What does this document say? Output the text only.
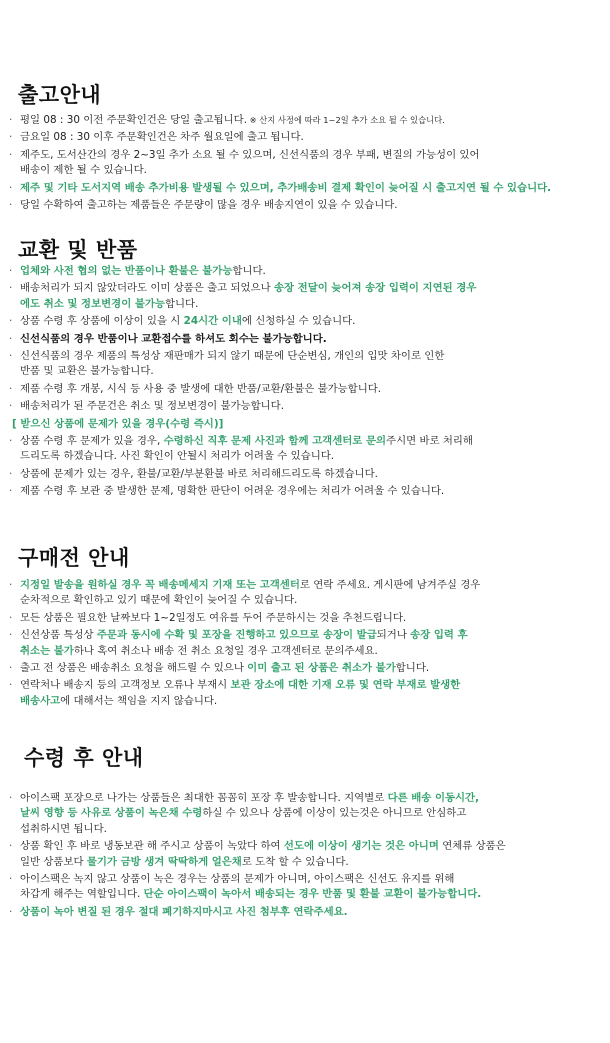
출고안내
· 평일 08 : 30 이전 주문확인건은 당일 출고됩니다. ※ 산지 사정에 따라 1~2일 추가 소요 될 수 있습니다.
· 금요일 08 : 30 이후 주문확인건은 차주 월요일에 출고 됩니다.
· 제주도, 도서산간의 경우 2~3일 추가 소요 될 수 있으며, 신선식품의 경우 부패, 변질의 가능성이 있어
배송이 제한 될 수 있습니다.
· 제주 및 기타 도서지역 배송 추가비용 발생될 수 있으며, 추가배송비 결제 확인이 늦어질 시 출고지연 될 수 있습니다.
· 당일 수확하여 출고하는 제품들은 주문량이 많을 경우 배송지연이 있을 수 있습니다.
교환 및 반품
· 업체와 사전 협의 없는 반품이나 환불은 불가능합니다.
· 배송처리가 되지 않았더라도 이미 상품은 출고 되었으나 송장 전달이 늦어져 송장 입력이 지연된 경우
에도 취소 및 정보변경이 불가능합니다.
· 상품 수령 후 상품에 이상이 있을 시 24시간 이내에 신청하실 수 있습니다.
· 신선식품의 경우 반품이나 교환접수를 하셔도 회수는 불가능합니다.
· 신선식품의 경우 제품의 특성상 재판매가 되지 않기 때문에 단순변심, 개인의 입맛 차이로 인한
반품 및 교환은 불가능합니다.
· 제품 수령 후 개봉, 시식 등 사용 중 발생에 대한 반품/교환/환불은 불가능합니다.
· 배송처리가 된 주문건은 취소 및 정보변경이 불가능합니다.
[ 받으신 상품에 문제가 있을 경우(수령 즉시)]
· 상품 수령 후 문제가 있을 경우, 수령하신 직후 문제 사진과 함께 고객센터로 문의주시면 바로 처리해
드리도록 하겠습니다. 사진 확인이 안될시 처리가 어려울 수 있습니다.
· 상품에 문제가 있는 경우, 환불/교환/부분환불 바로 처리해드리도록 하겠습니다.
· 제품 수령 후 보관 중 발생한 문제, 명확한 판단이 어려운 경우에는 처리가 어려울 수 있습니다.
구매전 안내
· 지정일 발송을 원하실 경우 꼭 배송메세지 기재 또는 고객센터로 연락 주세요. 게시판에 남겨주실 경우
순차적으로 확인하고 있기 때문에 확인이 늦어질 수 있습니다.
· 모든 상품은 필요한 날짜보다 1~2일정도 여유를 두어 주문하시는 것을 추천드립니다.
· 신선상품 특성상 주문과 동시에 수확 및 포장을 진행하고 있으므로 송장이 발급되거나 송장 입력 후
취소는 불가하나 혹여 취소나 배송 전 취소 요청일 경우 고객센터로 문의주세요.
· 출고 전 상품은 배송취소 요청을 해드릴 수 있으나 이미 출고 된 상품은 취소가 불가합니다.
· 연락처나 배송지 등의 고객정보 오류나 부재시 보관 장소에 대한 기재 오류 및 연락 부재로 발생한
배송사고에 대해서는 책임을 지지 않습니다.
수령 후 안내
· 아이스팩 포장으로 나가는 상품들은 최대한 꼼꼼히 포장 후 발송합니다. 지역별로 다른 배송 이동시간,
날씨 영향 등 사유로 상품이 녹은채 수령하실 수 있으나 상품에 이상이 있는것은 아니므로 안심하고
섭취하시면 됩니다.
· 상품 확인 후 바로 냉동보관 해 주시고 상품이 녹았다 하여 선도에 이상이 생기는 것은 아니며 연체류 상품은
일반 상품보다 물기가 금방 생겨 딱딱하게 얼은채로 도착 할 수 있습니다.
· 아이스팩은 녹지 않고 상품이 녹은 경우는 상품의 문제가 아니며, 아이스팩은 신선도 유지를 위해
차갑게 해주는 역할입니다. 단순 아이스팩이 녹아서 배송되는 경우 반품 및 환불 교환이 불가능합니다.
· 상품이 녹아 변질 된 경우 절대 폐기하지마시고 사진 첨부후 연락주세요.
